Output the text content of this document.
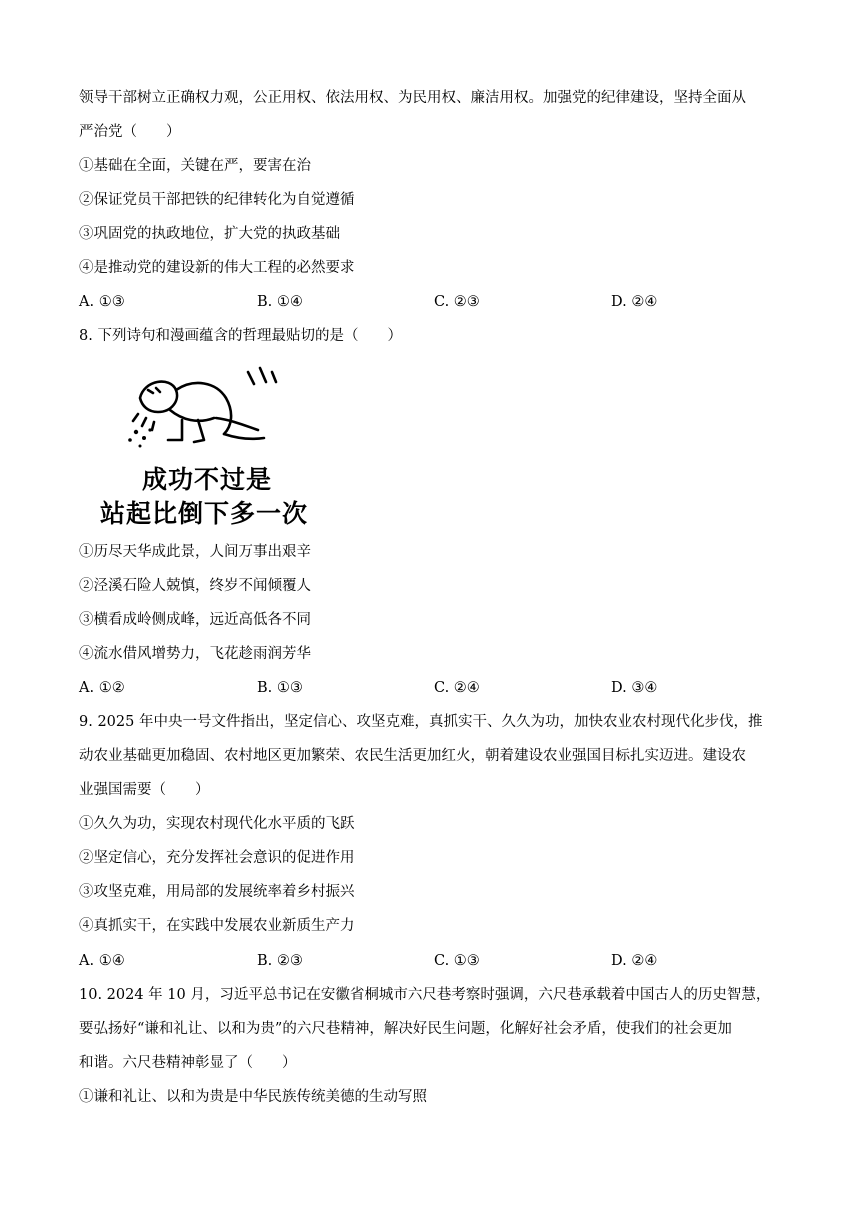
领导干部树立正确权力观，公正用权、依法用权、为民用权、廉洁用权。加强党的纪律建设，坚持全面从
严治党（　　）
①基础在全面，关键在严，要害在治
②保证党员干部把铁的纪律转化为自觉遵循
③巩固党的执政地位，扩大党的执政基础
④是推动党的建设新的伟大工程的必然要求
A. ①③	B. ①④	C. ②③	D. ②④
8. 下列诗句和漫画蕴含的哲理最贴切的是（　　）
成功不过是
站起比倒下多一次
①历尽天华成此景，人间万事出艰辛
②泾溪石险人兢慎，终岁不闻倾覆人
③横看成岭侧成峰，远近高低各不同
④流水借风增势力，飞花趁雨润芳华
A. ①②	B. ①③	C. ②④	D. ③④
9. 2025 年中央一号文件指出，坚定信心、攻坚克难，真抓实干、久久为功，加快农业农村现代化步伐，推
动农业基础更加稳固、农村地区更加繁荣、农民生活更加红火，朝着建设农业强国目标扎实迈进。建设农
业强国需要（　　）
①久久为功，实现农村现代化水平质的飞跃
②坚定信心，充分发挥社会意识的促进作用
③攻坚克难，用局部的发展统率着乡村振兴
④真抓实干，在实践中发展农业新质生产力
A. ①④	B. ②③	C. ①③	D. ②④
10. 2024 年 10 月，习近平总书记在安徽省桐城市六尺巷考察时强调，六尺巷承载着中国古人的历史智慧，
要弘扬好“谦和礼让、以和为贵”的六尺巷精神，解决好民生问题，化解好社会矛盾，使我们的社会更加
和谐。六尺巷精神彰显了（　　）
①谦和礼让、以和为贵是中华民族传统美德的生动写照
